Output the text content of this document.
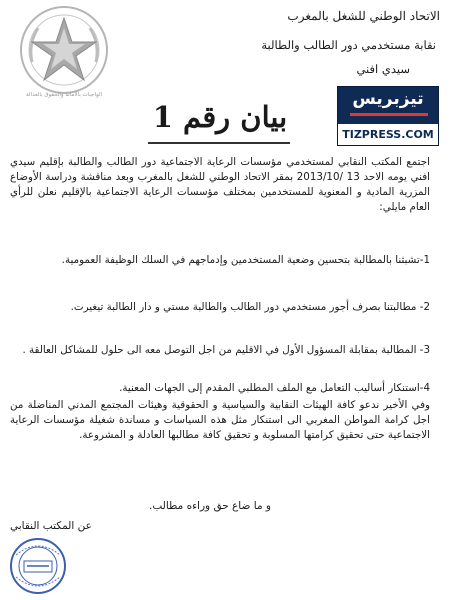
الاتحاد الوطني للشغل بالمغرب
نقابة مستخدمي دور الطالب والطالبة
سيدي افني
الواجبات بالأمانة والحقوق بالعدالة	تيزبريس
TIZPRESS.COM
بيان رقم 1
اجتمع المكتب النقابي لمستخدمي مؤسسات الرعاية الاجتماعية دور الطالب والطالبة بإقليم سيدي افني يومه الاحد 13 /2013/10 بمقر الاتحاد الوطني للشغل بالمغرب وبعد مناقشة ودراسة الأوضاع المزرية المادية و المعنوية للمستخدمين بمختلف مؤسسات الرعاية الاجتماعية بالإقليم نعلن للرأي العام مايلي:
1-تشبثنا بالمطالبة بتحسين وضعية المستخدمين وإدماجهم في السلك الوظيفة العمومية.
2- مطالبتنا بصرف أجور مستخدمي دور الطالب والطالبة مستي و دار الطالبة تيغيرت.
3- المطالبة بمقابلة المسؤول الأول في الاقليم من اجل التوصل معه الى حلول للمشاكل العالقة .
4-استنكار أساليب التعامل مع الملف المطلبي المقدم إلى الجهات المعنية.
وفي الأخير ندعو كافة الهيئات النقابية والسياسية و الحقوقية وهيئات المجتمع المدني المناضلة من اجل كرامة المواطن المغربي الى استنكار مثل هذه السياسات و مساندة شغيلة مؤسسات الرعاية الاجتماعية حتى تحقيق كرامتها المسلوبة و تحقيق كافة مطالبها العادلة و المشروعة.
و ما ضاع حق وراءه مطالب.
عن المكتب النقابي
